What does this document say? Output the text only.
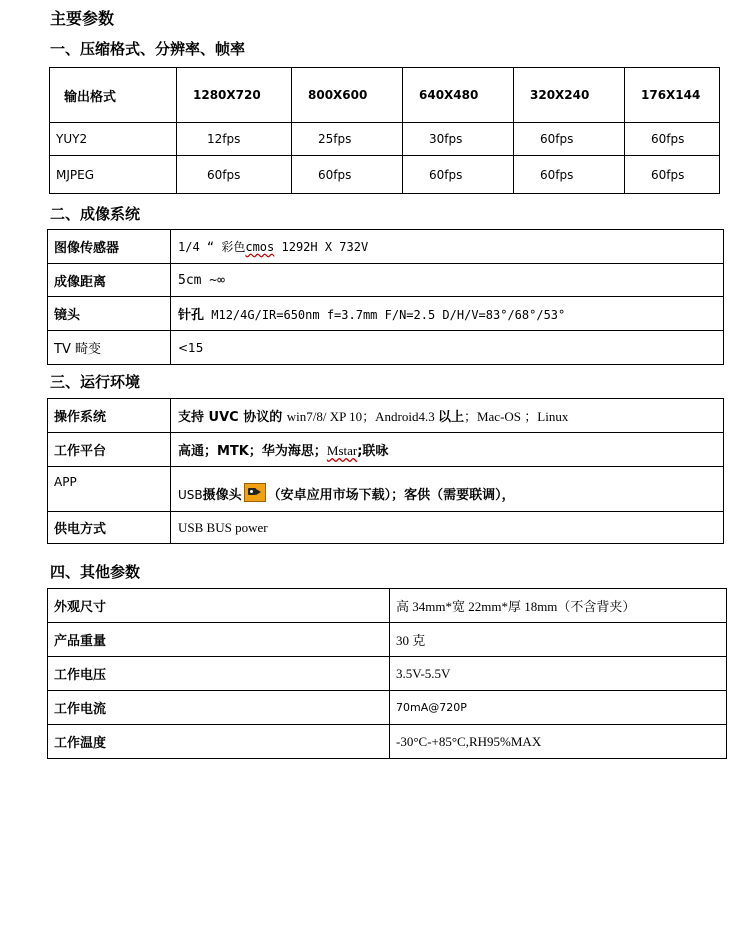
主要参数
一、压缩格式、分辨率、帧率
输出格式	1280X720	800X600	640X480	320X240	176X144
YUY2	12fps	25fps	30fps	60fps	60fps
MJPEG	60fps	60fps	60fps	60fps	60fps
二、成像系统
图像传感器	1/4 “ 彩色cmos 1292H X 732V
成像距离	5cm ~∞
镜头	针孔 M12/4G/IR=650nm f=3.7mm F/N=2.5 D/H/V=83°/68°/53°
TV 畸变	<15
三、运行环境
操作系统	支持 UVC 协议的 win7/8/ XP 10；Android4.3 以上；Mac-OS ；Linux
工作平台	高通；MTK；华为海思；Mstar;联咏
APP	USB摄像头 （安卓应用市场下载）；客供（需要联调），
供电方式	USB BUS power
四、其他参数
外观尺寸	高 34mm*宽 22mm*厚 18mm（不含背夹）
产品重量	30 克
工作电压	3.5V-5.5V
工作电流	70mA@720P
工作温度	-30°C-+85°C,RH95%MAX
